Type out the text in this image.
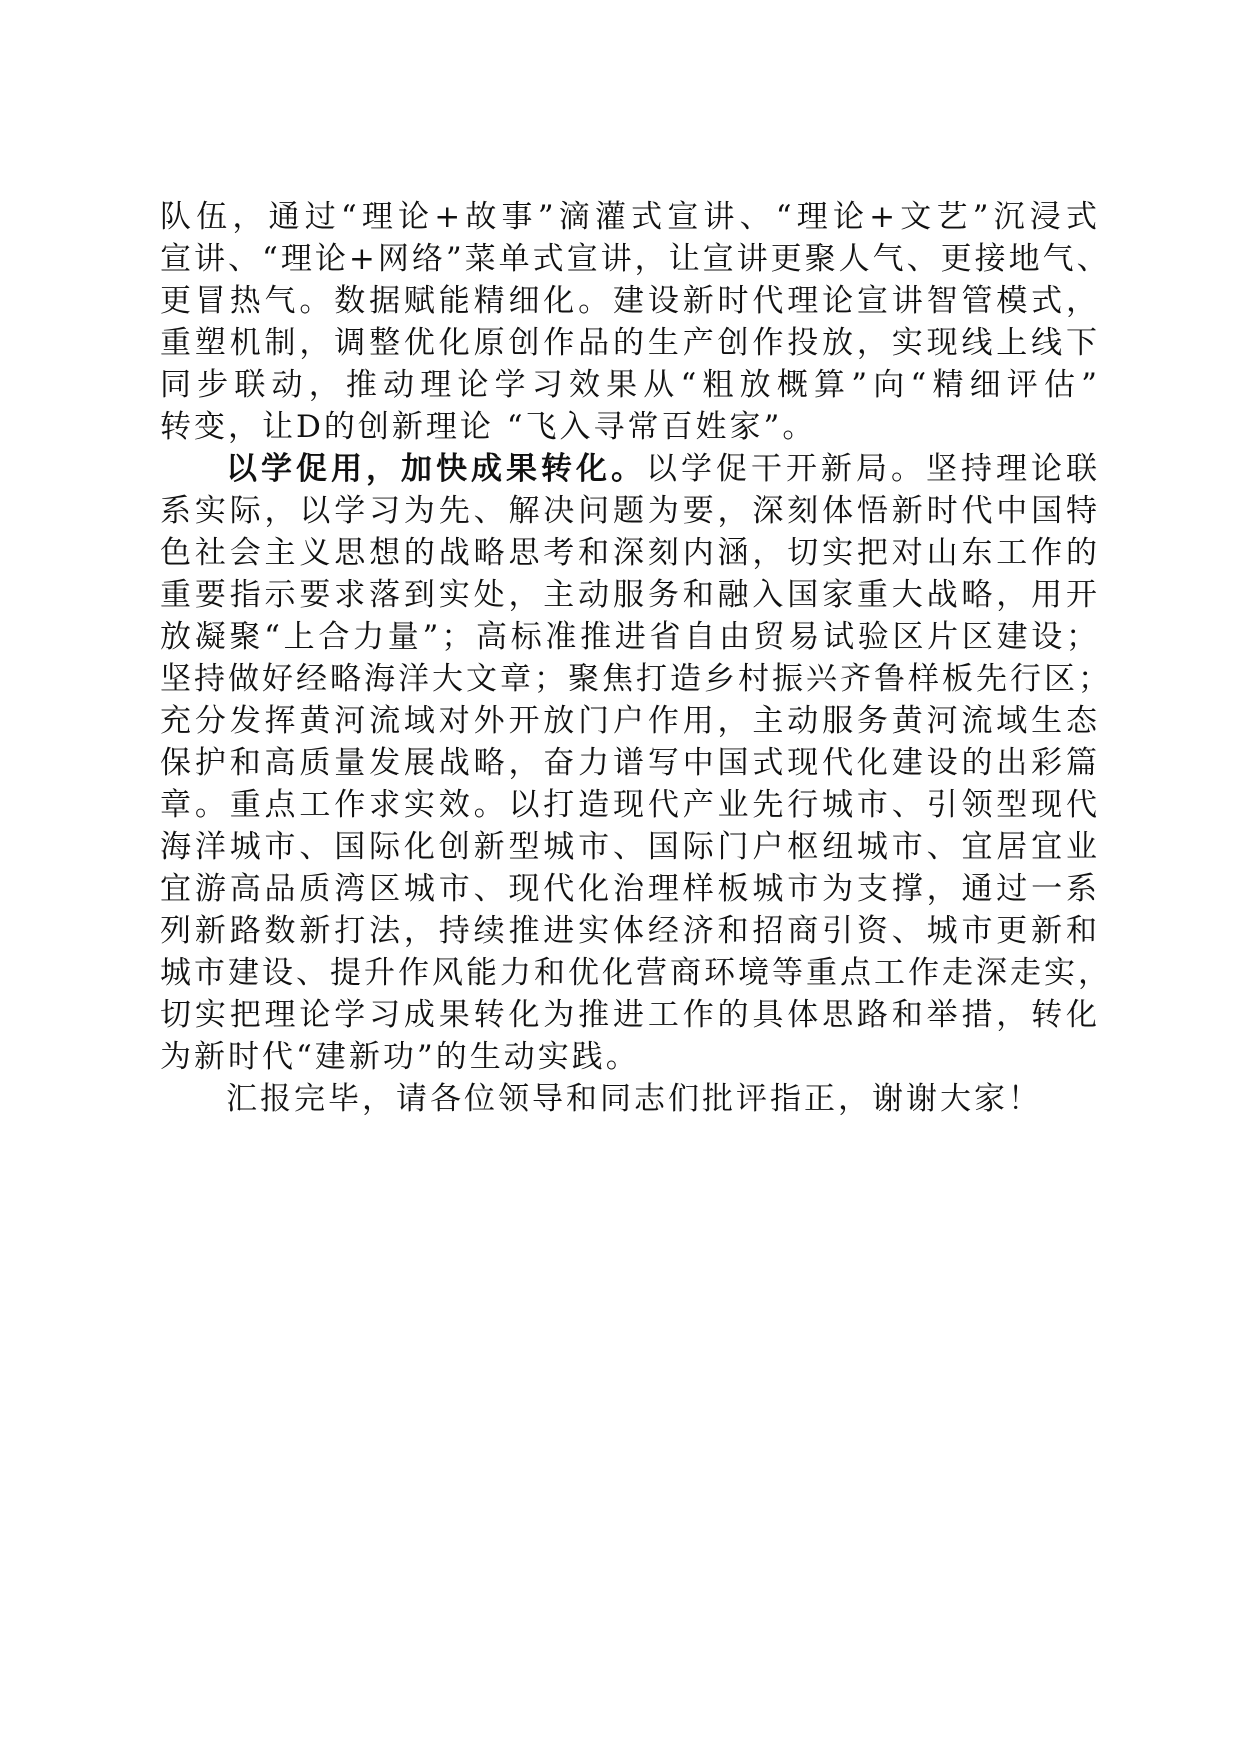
队伍，通过“理论+故事”滴灌式宣讲、“理论+文艺”沉浸式
宣讲、“理论+网络”菜单式宣讲，让宣讲更聚人气、更接地气、
更冒热气。数据赋能精细化。建设新时代理论宣讲智管模式，
重塑机制，调整优化原创作品的生产创作投放，实现线上线下
同步联动，推动理论学习效果从“粗放概算”向“精细评估”
转变，让D的创新理论 “飞入寻常百姓家”。
以学促用，加快成果转化。以学促干开新局。坚持理论联
系实际，以学习为先、解决问题为要，深刻体悟新时代中国特
色社会主义思想的战略思考和深刻内涵，切实把对山东工作的
重要指示要求落到实处，主动服务和融入国家重大战略，用开
放凝聚“上合力量”；高标准推进省自由贸易试验区片区建设；
坚持做好经略海洋大文章；聚焦打造乡村振兴齐鲁样板先行区；
充分发挥黄河流域对外开放门户作用，主动服务黄河流域生态
保护和高质量发展战略，奋力谱写中国式现代化建设的出彩篇
章。重点工作求实效。以打造现代产业先行城市、引领型现代
海洋城市、国际化创新型城市、国际门户枢纽城市、宜居宜业
宜游高品质湾区城市、现代化治理样板城市为支撑，通过一系
列新路数新打法，持续推进实体经济和招商引资、城市更新和
城市建设、提升作风能力和优化营商环境等重点工作走深走实，
切实把理论学习成果转化为推进工作的具体思路和举措，转化
为新时代“建新功”的生动实践。
汇报完毕，请各位领导和同志们批评指正，谢谢大家！
